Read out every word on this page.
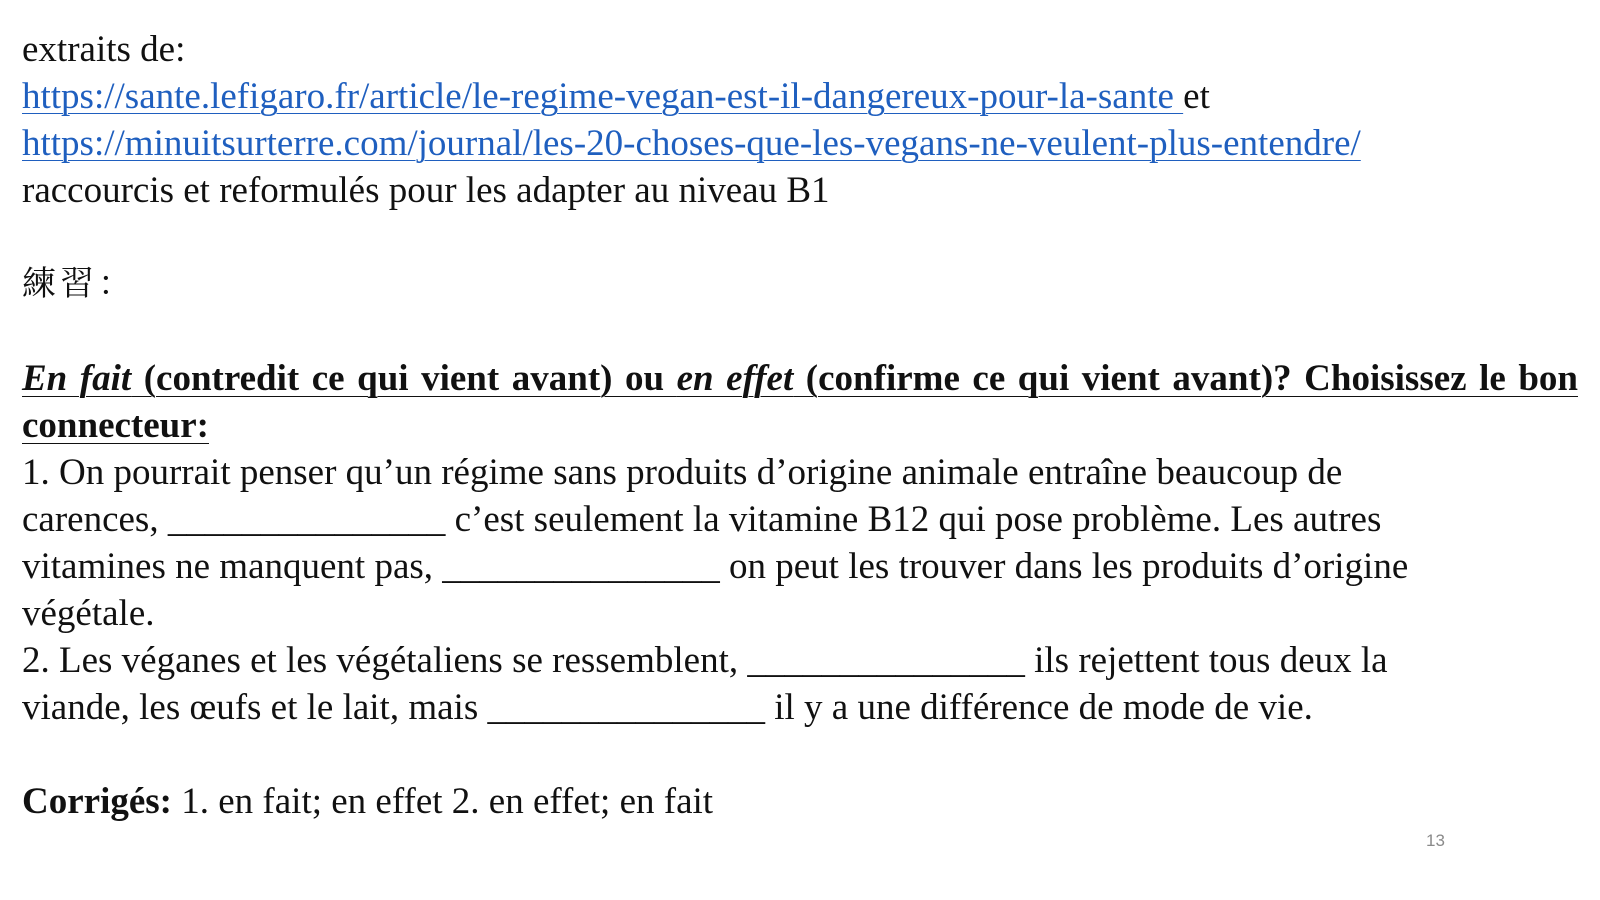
extraits de:
https://sante.lefigaro.fr/article/le-regime-vegan-est-il-dangereux-pour-la-sante et
https://minuitsurterre.com/journal/les-20-choses-que-les-vegans-ne-veulent-plus-entendre/
raccourcis et reformulés pour les adapter au niveau B1
練習：
En fait (contredit ce qui vient avant) ou en effet (confirme ce qui vient avant)? Choisissez le bon connecteur:
1. On pourrait penser qu’un régime sans produits d’origine animale entraîne beaucoup de
carences, _______________ c’est seulement la vitamine B12 qui pose problème. Les autres
vitamines ne manquent pas, _______________ on peut les trouver dans les produits d’origine
végétale.
2. Les véganes et les végétaliens se ressemblent, _______________ ils rejettent tous deux la
viande, les œufs et le lait, mais _______________ il y a une différence de mode de vie.
Corrigés: 1. en fait; en effet 2. en effet; en fait
13
